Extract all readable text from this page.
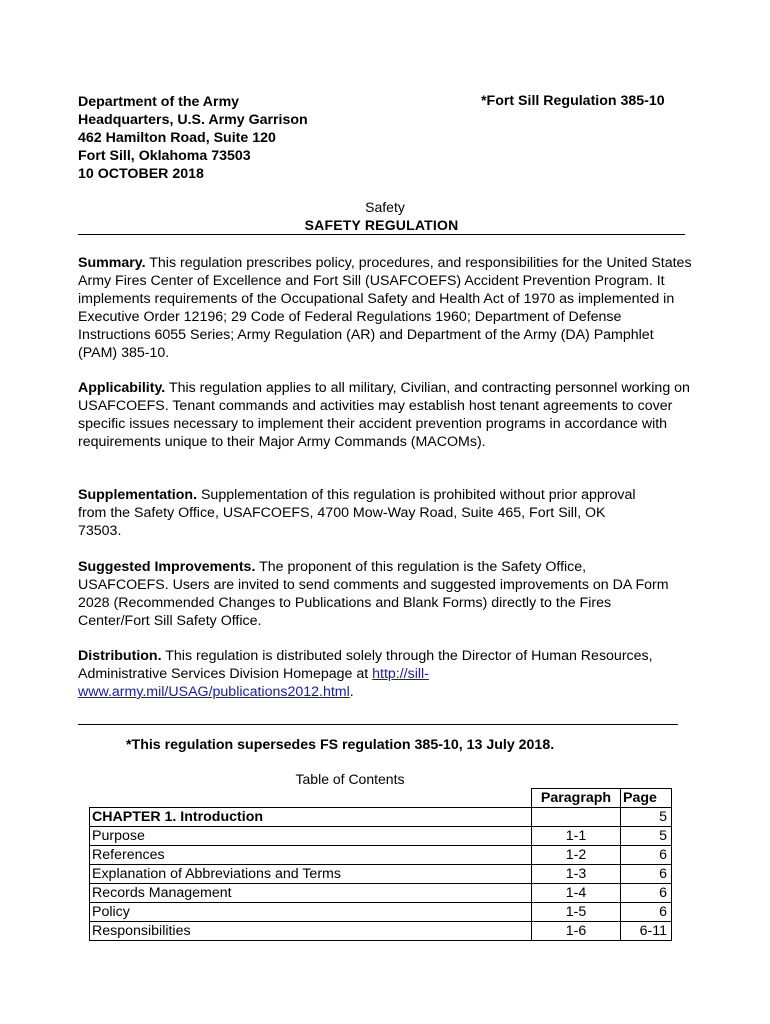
Department of the Army
Headquarters, U.S. Army Garrison
462 Hamilton Road, Suite 120
Fort Sill, Oklahoma 73503
10 OCTOBER 2018
*Fort Sill Regulation 385-10
Safety
SAFETY REGULATION
Summary. This regulation prescribes policy, procedures, and responsibilities for the United States Army Fires Center of Excellence and Fort Sill (USAFCOEFS) Accident Prevention Program. It implements requirements of the Occupational Safety and Health Act of 1970 as implemented in Executive Order 12196; 29 Code of Federal Regulations 1960; Department of Defense Instructions 6055 Series; Army Regulation (AR) and Department of the Army (DA) Pamphlet (PAM) 385-10.
Applicability. This regulation applies to all military, Civilian, and contracting personnel working on USAFCOEFS. Tenant commands and activities may establish host tenant agreements to cover specific issues necessary to implement their accident prevention programs in accordance with requirements unique to their Major Army Commands (MACOMs).
Supplementation. Supplementation of this regulation is prohibited without prior approval from the Safety Office, USAFCOEFS, 4700 Mow-Way Road, Suite 465, Fort Sill, OK 73503.
Suggested Improvements. The proponent of this regulation is the Safety Office, USAFCOEFS. Users are invited to send comments and suggested improvements on DA Form 2028 (Recommended Changes to Publications and Blank Forms) directly to the Fires Center/Fort Sill Safety Office.
Distribution. This regulation is distributed solely through the Director of Human Resources, Administrative Services Division Homepage at http://sill-www.army.mil/USAG/publications2012.html.
*This regulation supersedes FS regulation 385-10, 13 July 2018.
Table of Contents
	Paragraph	Page
CHAPTER 1. Introduction		5
Purpose	1-1	5
References	1-2	6
Explanation of Abbreviations and Terms	1-3	6
Records Management	1-4	6
Policy	1-5	6
Responsibilities	1-6	6-11
